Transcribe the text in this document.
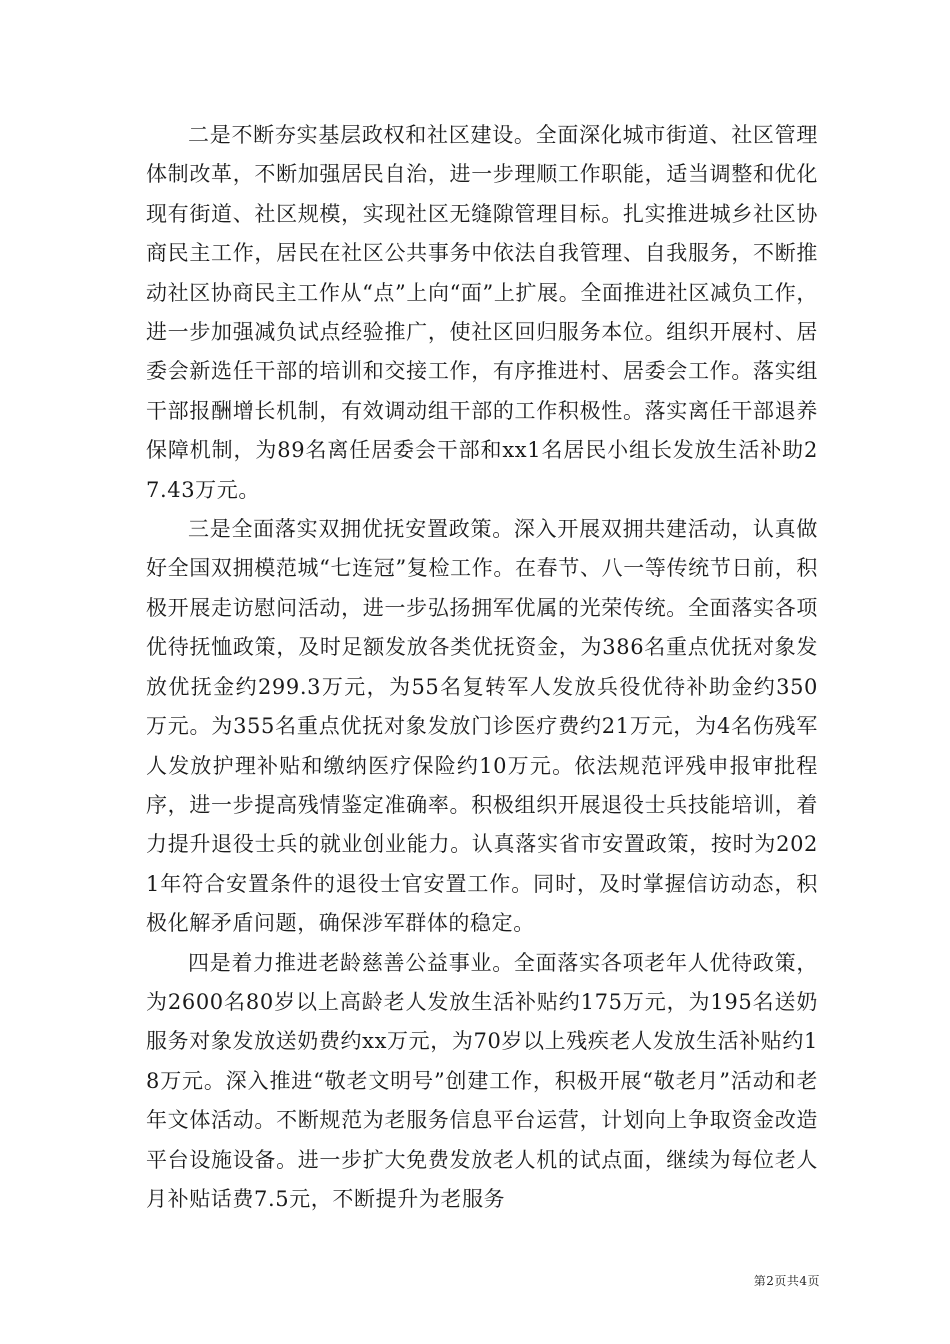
二是不断夯实基层政权和社区建设。全面深化城市街道、社区管理体制改革，不断加强居民自治，进一步理顺工作职能，适当调整和优化现有街道、社区规模，实现社区无缝隙管理目标。扎实推进城乡社区协商民主工作，居民在社区公共事务中依法自我管理、自我服务，不断推动社区协商民主工作从“点”上向“面”上扩展。全面推进社区减负工作，进一步加强减负试点经验推广，使社区回归服务本位。组织开展村、居委会新选任干部的培训和交接工作，有序推进村、居委会工作。落实组干部报酬增长机制，有效调动组干部的工作积极性。落实离任干部退养保障机制，为89名离任居委会干部和xx1名居民小组长发放生活补助27.43万元。

三是全面落实双拥优抚安置政策。深入开展双拥共建活动，认真做好全国双拥模范城“七连冠”复检工作。在春节、八一等传统节日前，积极开展走访慰问活动，进一步弘扬拥军优属的光荣传统。全面落实各项优待抚恤政策，及时足额发放各类优抚资金，为386名重点优抚对象发放优抚金约299.3万元，为55名复转军人发放兵役优待补助金约350万元。为355名重点优抚对象发放门诊医疗费约21万元，为4名伤残军人发放护理补贴和缴纳医疗保险约10万元。依法规范评残申报审批程序，进一步提高残情鉴定准确率。积极组织开展退役士兵技能培训，着力提升退役士兵的就业创业能力。认真落实省市安置政策，按时为2021年符合安置条件的退役士官安置工作。同时，及时掌握信访动态，积极化解矛盾问题，确保涉军群体的稳定。

四是着力推进老龄慈善公益事业。全面落实各项老年人优待政策，为2600名80岁以上高龄老人发放生活补贴约175万元，为195名送奶服务对象发放送奶费约xx万元，为70岁以上残疾老人发放生活补贴约18万元。深入推进“敬老文明号”创建工作，积极开展“敬老月”活动和老年文体活动。不断规范为老服务信息平台运营，计划向上争取资金改造平台设施设备。进一步扩大免费发放老人机的试点面，继续为每位老人月补贴话费7.5元，不断提升为老服务

第2页共4页
